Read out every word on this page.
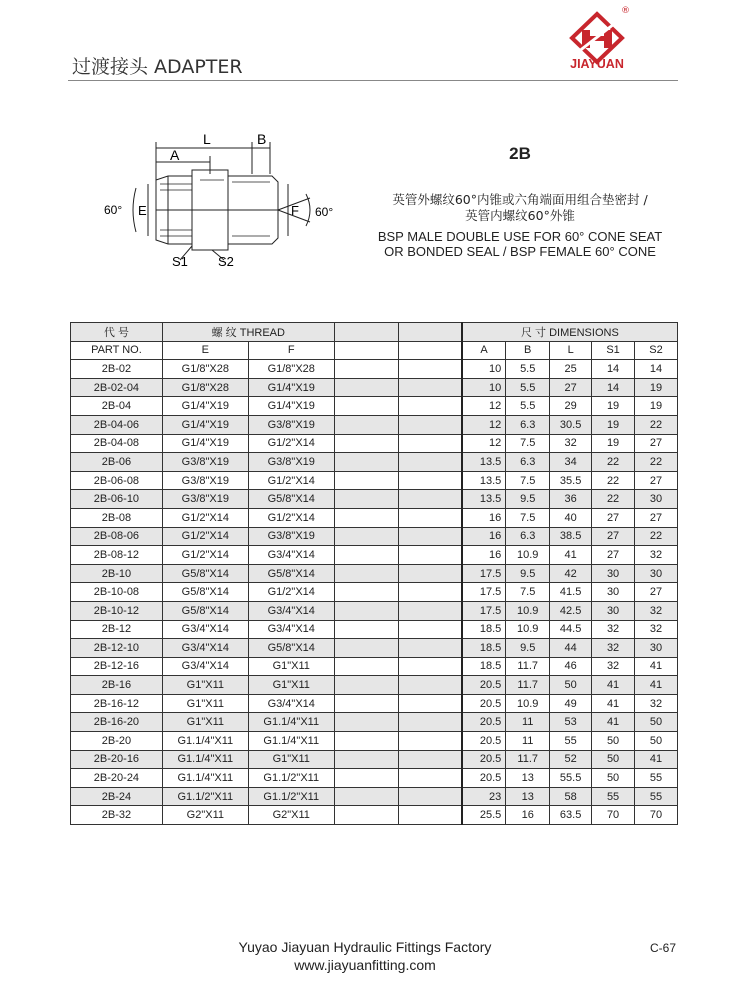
过渡接头 ADAPTER
®
JIAYUAN
L	B
A
E	F
60°	60°
S1 S2
2B
英管外螺纹60°内锥或六角端面用组合垫密封 /
英管内螺纹60°外锥
BSP MALE DOUBLE USE FOR 60° CONE SEAT
OR BONDED SEAL / BSP FEMALE 60° CONE
代 号	螺 纹 THREAD				尺 寸 DIMENSIONS				
PART NO.	E	F			A	B	L	S1	S2
2B-02	G1/8"X28	G1/8"X28			10	5.5	25	14	14
2B-02-04	G1/8"X28	G1/4"X19			10	5.5	27	14	19
2B-04	G1/4"X19	G1/4"X19			12	5.5	29	19	19
2B-04-06	G1/4"X19	G3/8"X19			12	6.3	30.5	19	22
2B-04-08	G1/4"X19	G1/2"X14			12	7.5	32	19	27
2B-06	G3/8"X19	G3/8"X19			13.5	6.3	34	22	22
2B-06-08	G3/8"X19	G1/2"X14			13.5	7.5	35.5	22	27
2B-06-10	G3/8"X19	G5/8"X14			13.5	9.5	36	22	30
2B-08	G1/2"X14	G1/2"X14			16	7.5	40	27	27
2B-08-06	G1/2"X14	G3/8"X19			16	6.3	38.5	27	22
2B-08-12	G1/2"X14	G3/4"X14			16	10.9	41	27	32
2B-10	G5/8"X14	G5/8"X14			17.5	9.5	42	30	30
2B-10-08	G5/8"X14	G1/2"X14			17.5	7.5	41.5	30	27
2B-10-12	G5/8"X14	G3/4"X14			17.5	10.9	42.5	30	32
2B-12	G3/4"X14	G3/4"X14			18.5	10.9	44.5	32	32
2B-12-10	G3/4"X14	G5/8"X14			18.5	9.5	44	32	30
2B-12-16	G3/4"X14	G1"X11			18.5	11.7	46	32	41
2B-16	G1"X11	G1"X11			20.5	11.7	50	41	41
2B-16-12	G1"X11	G3/4"X14			20.5	10.9	49	41	32
2B-16-20	G1"X11	G1.1/4"X11			20.5	11	53	41	50
2B-20	G1.1/4"X11	G1.1/4"X11			20.5	11	55	50	50
2B-20-16	G1.1/4"X11	G1"X11			20.5	11.7	52	50	41
2B-20-24	G1.1/4"X11	G1.1/2"X11			20.5	13	55.5	50	55
2B-24	G1.1/2"X11	G1.1/2"X11			23	13	58	55	55
2B-32	G2"X11	G2"X11			25.5	16	63.5	70	70
Yuyao Jiayuan Hydraulic Fittings Factory
www.jiayuanfitting.com
C-67
